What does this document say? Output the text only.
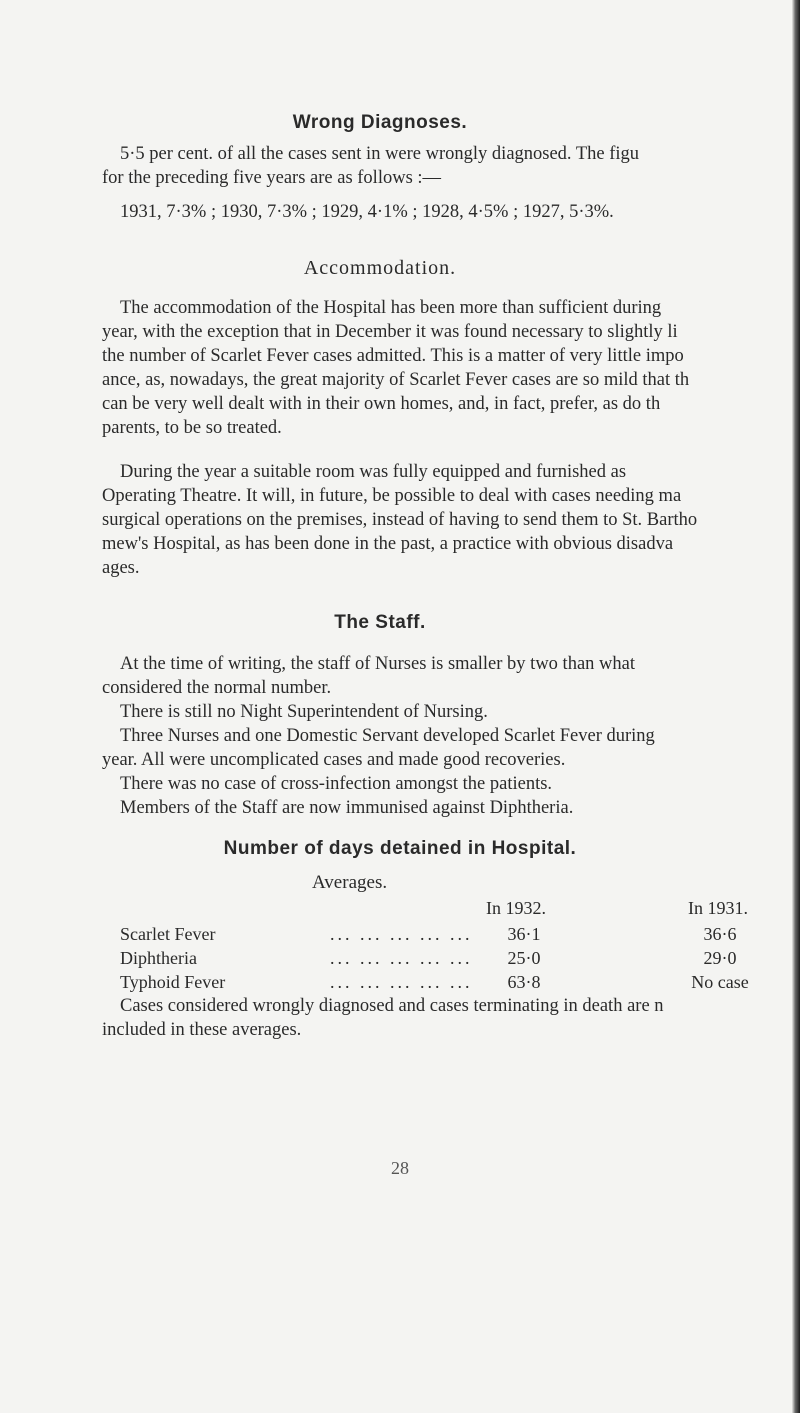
Wrong Diagnoses.
5·5 per cent. of all the cases sent in were wrongly diagnosed. The figu
for the preceding five years are as follows :—
1931, 7·3% ; 1930, 7·3% ; 1929, 4·1% ; 1928, 4·5% ; 1927, 5·3%.
Accommodation.
The accommodation of the Hospital has been more than sufficient during
year, with the exception that in December it was found necessary to slightly li
the number of Scarlet Fever cases admitted. This is a matter of very little impo
ance, as, nowadays, the great majority of Scarlet Fever cases are so mild that th
can be very well dealt with in their own homes, and, in fact, prefer, as do th
parents, to be so treated.
During the year a suitable room was fully equipped and furnished as
Operating Theatre. It will, in future, be possible to deal with cases needing ma
surgical operations on the premises, instead of having to send them to St. Bartho
mew's Hospital, as has been done in the past, a practice with obvious disadva
ages.
The Staff.
At the time of writing, the staff of Nurses is smaller by two than what
considered the normal number.
There is still no Night Superintendent of Nursing.
Three Nurses and one Domestic Servant developed Scarlet Fever during
year. All were uncomplicated cases and made good recoveries.
There was no case of cross-infection amongst the patients.
Members of the Staff are now immunised against Diphtheria.
Number of days detained in Hospital.
Averages.
In 1932.	In 1931.
Scarlet Fever	... ... ... ... ...	36·1	36·6
Diphtheria	... ... ... ... ...	25·0	29·0
Typhoid Fever	... ... ... ... ...	63·8	No case
Cases considered wrongly diagnosed and cases terminating in death are n
included in these averages.
28
